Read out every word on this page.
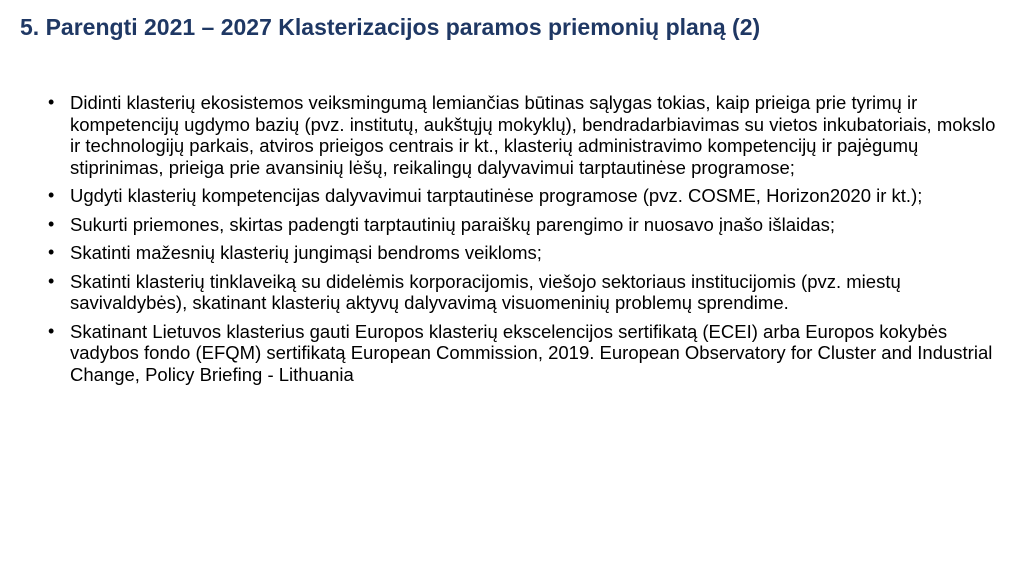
5. Parengti 2021 – 2027 Klasterizacijos paramos priemonių planą (2)
• Didinti klasterių ekosistemos veiksmingumą lemiančias būtinas sąlygas tokias, kaip prieiga prie tyrimų ir kompetencijų ugdymo bazių (pvz. institutų, aukštųjų mokyklų), bendradarbiavimas su vietos inkubatoriais, mokslo ir technologijų parkais, atviros prieigos centrais ir kt., klasterių administravimo kompetencijų ir pajėgumų stiprinimas, prieiga prie avansinių lėšų, reikalingų dalyvavimui tarptautinėse programose;
• Ugdyti klasterių kompetencijas dalyvavimui tarptautinėse programose (pvz. COSME, Horizon2020 ir kt.);
• Sukurti priemones, skirtas padengti tarptautinių paraiškų parengimo ir nuosavo įnašo išlaidas;
• Skatinti mažesnių klasterių jungimąsi bendroms veikloms;
• Skatinti klasterių tinklaveiką su didelėmis korporacijomis, viešojo sektoriaus institucijomis (pvz. miestų savivaldybės), skatinant klasterių aktyvų dalyvavimą visuomeninių problemų sprendime.
• Skatinant Lietuvos klasterius gauti Europos klasterių ekscelencijos sertifikatą (ECEI) arba Europos kokybės vadybos fondo (EFQM) sertifikatą European Commission, 2019. European Observatory for Cluster and Industrial Change, Policy Briefing - Lithuania
